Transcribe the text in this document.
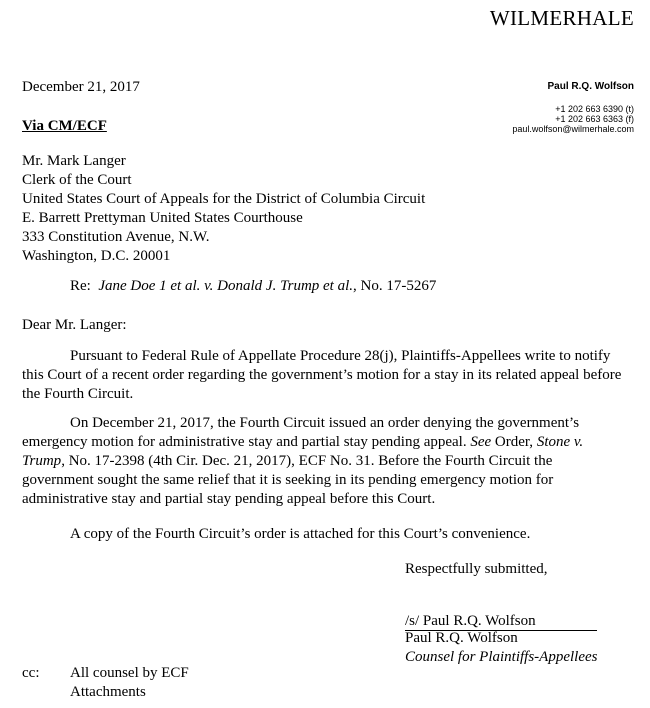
WILMERHALE
Paul R.Q. Wolfson
+1 202 663 6390 (t)
+1 202 663 6363 (f)
paul.wolfson@wilmerhale.com
December 21, 2017
Via CM/ECF
Mr. Mark Langer
Clerk of the Court
United States Court of Appeals for the District of Columbia Circuit
E. Barrett Prettyman United States Courthouse
333 Constitution Avenue, N.W.
Washington, D.C. 20001
Re: Jane Doe 1 et al. v. Donald J. Trump et al., No. 17-5267
Dear Mr. Langer:
Pursuant to Federal Rule of Appellate Procedure 28(j), Plaintiffs-Appellees write to notify this Court of a recent order regarding the government’s motion for a stay in its related appeal before the Fourth Circuit.
On December 21, 2017, the Fourth Circuit issued an order denying the government’s emergency motion for administrative stay and partial stay pending appeal. See Order, Stone v. Trump, No. 17-2398 (4th Cir. Dec. 21, 2017), ECF No. 31. Before the Fourth Circuit the government sought the same relief that it is seeking in its pending emergency motion for administrative stay and partial stay pending appeal before this Court.
A copy of the Fourth Circuit’s order is attached for this Court’s convenience.
Respectfully submitted,
/s/ Paul R.Q. Wolfson
Paul R.Q. Wolfson
Counsel for Plaintiffs-Appellees
cc: All counsel by ECF
Attachments
